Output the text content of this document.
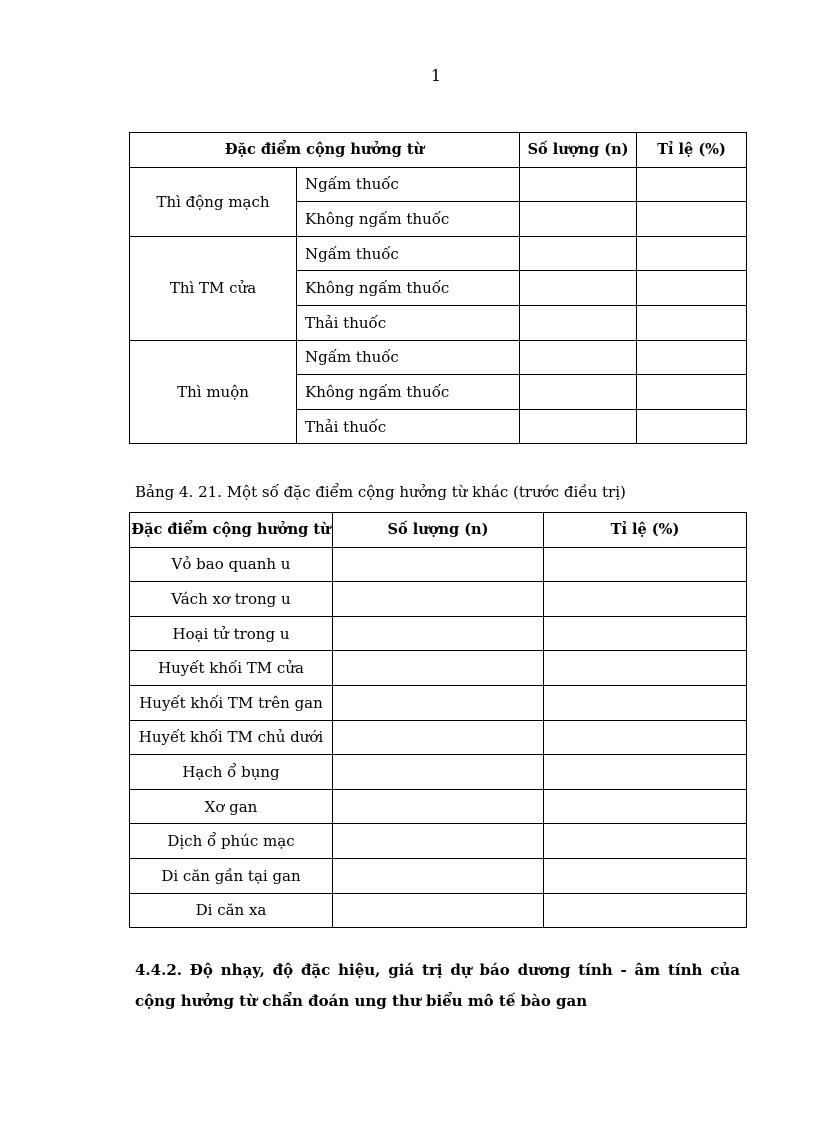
1
Đặc điểm cộng hưởng từ		Số lượng (n)	Tỉ lệ (%)
Thì động mạch	Ngấm thuốc		
	Không ngấm thuốc		
Thì TM cửa	Ngấm thuốc		
	Không ngấm thuốc		
	Thải thuốc		
Thì muộn	Ngấm thuốc		
	Không ngấm thuốc		
	Thải thuốc		
Bảng 4. 21. Một số đặc điểm cộng hưởng từ khác (trước điều trị)
Đặc điểm cộng hưởng từ	Số lượng (n)	Tỉ lệ (%)
Vỏ bao quanh u		
Vách xơ trong u		
Hoại tử trong u		
Huyết khối TM cửa		
Huyết khối TM trên gan		
Huyết khối TM chủ dưới		
Hạch ổ bụng		
Xơ gan		
Dịch ổ phúc mạc		
Di căn gần tại gan		
Di căn xa		
4.4.2. Độ nhạy, độ đặc hiệu, giá trị dự báo dương tính - âm tính của cộng hưởng từ chẩn đoán ung thư biểu mô tế bào gan
